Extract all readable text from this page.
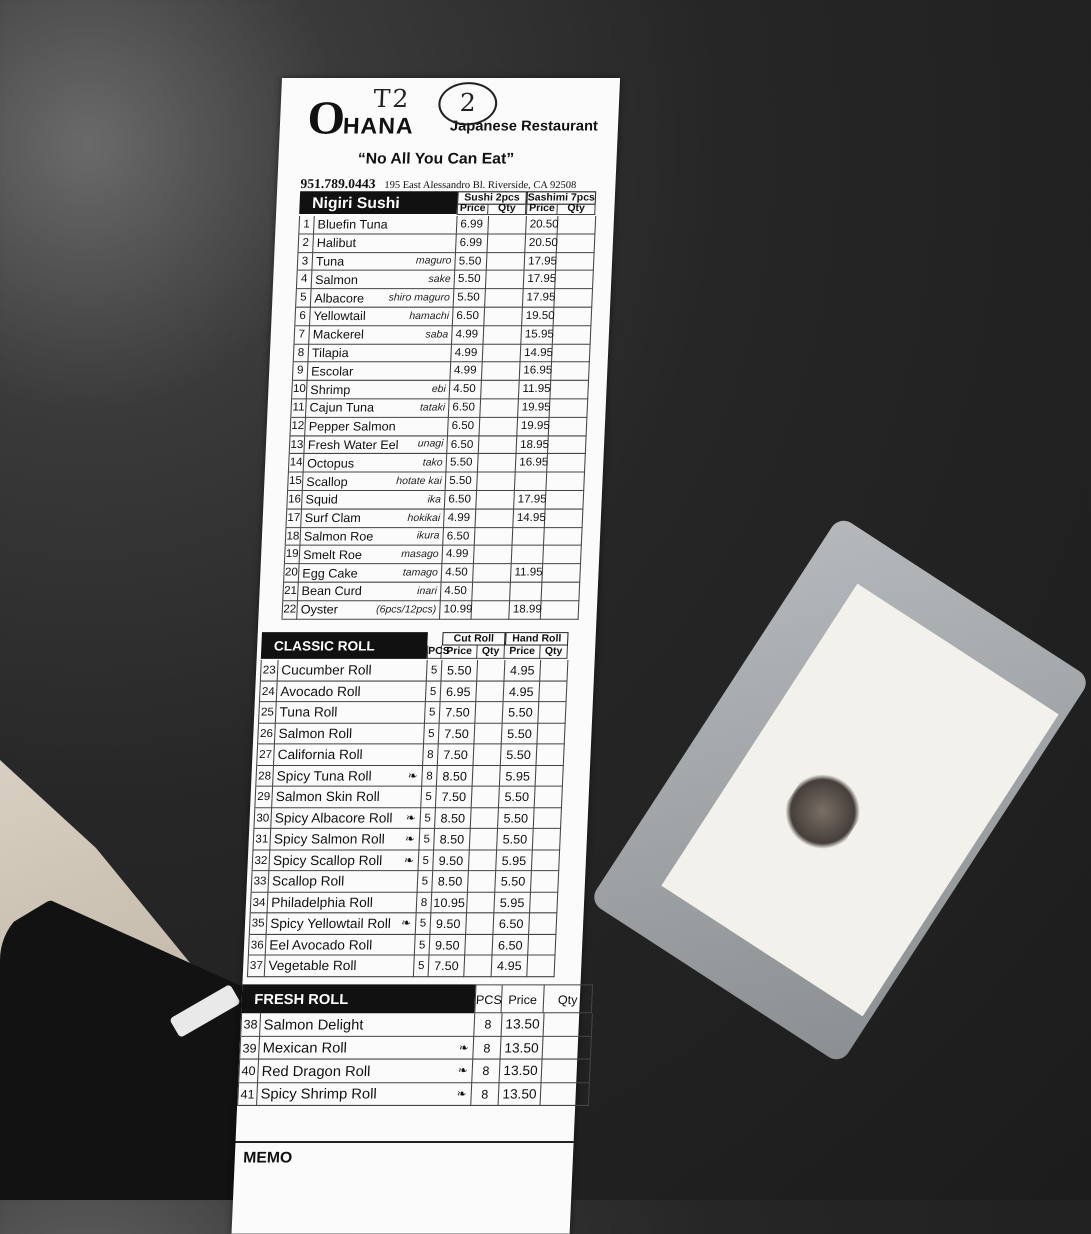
O
HANA	Japanese Restaurant
T2	2
“No All You Can Eat”
951.789.0443 195 East Alessandro Bl. Riverside, CA 92508
Nigiri Sushi	Sushi 2pcs Sashimi 7pcs
Price	Qty	Price	Qty
1 Bluefin Tuna	6.99	20.50
2 Halibut	6.99	20.50
3 Tuna	maguro 5.50	17.95
4 Salmon	sake 5.50	17.95
5 Albacore shiro maguro 5.50	17.95
6 Yellowtail	hamachi 6.50	19.50
7 Mackerel	saba 4.99	15.95
8 Tilapia	4.99	14.95
9 Escolar	4.99	16.95
10 Shrimp	ebi 4.50	11.95
11 Cajun Tuna	tataki 6.50	19.95
12 Pepper Salmon	6.50	19.95
13 Fresh Water Eel unagi 6.50	18.95
14 Octopus	tako 5.50	16.95
15 Scallop	hotate kai 5.50
16 Squid	ika 6.50	17.95
17 Surf Clam	hokikai 4.99	14.95
18 Salmon Roe	ikura 6.50
19 Smelt Roe	masago 4.99
20 Egg Cake	tamago 4.50	11.95
21 Bean Curd	inari 4.50
22 Oyster	(6pcs/12pcs) 10.99	18.99
CLASSIC ROLL	Cut Roll	Hand Roll
PCS
Price Qty Price Qty
23 Cucumber Roll	5 5.50	4.95
24 Avocado Roll	5 6.95	4.95
25 Tuna Roll	5 7.50	5.50
26 Salmon Roll	5 7.50	5.50
27 California Roll	8 7.50	5.50
28 Spicy Tuna Roll	❧ 8 8.50	5.95
29 Salmon Skin Roll	5 7.50	5.50
30 Spicy Albacore Roll ❧ 5 8.50	5.50
31 Spicy Salmon Roll ❧ 5 8.50	5.50
32 Spicy Scallop Roll ❧ 5 9.50	5.95
33 Scallop Roll	5 8.50	5.50
34 Philadelphia Roll	8 10.95	5.95
35 Spicy Yellowtail Roll ❧ 5 9.50	6.50
36 Eel Avocado Roll	5 9.50	6.50
37 Vegetable Roll	5 7.50	4.95
FRESH ROLL	PCS Price	Qty
38 Salmon Delight	8	13.50
39 Mexican Roll	❧	8	13.50
40 Red Dragon Roll	❧	8	13.50
41 Spicy Shrimp Roll	❧	8	13.50
MEMO
